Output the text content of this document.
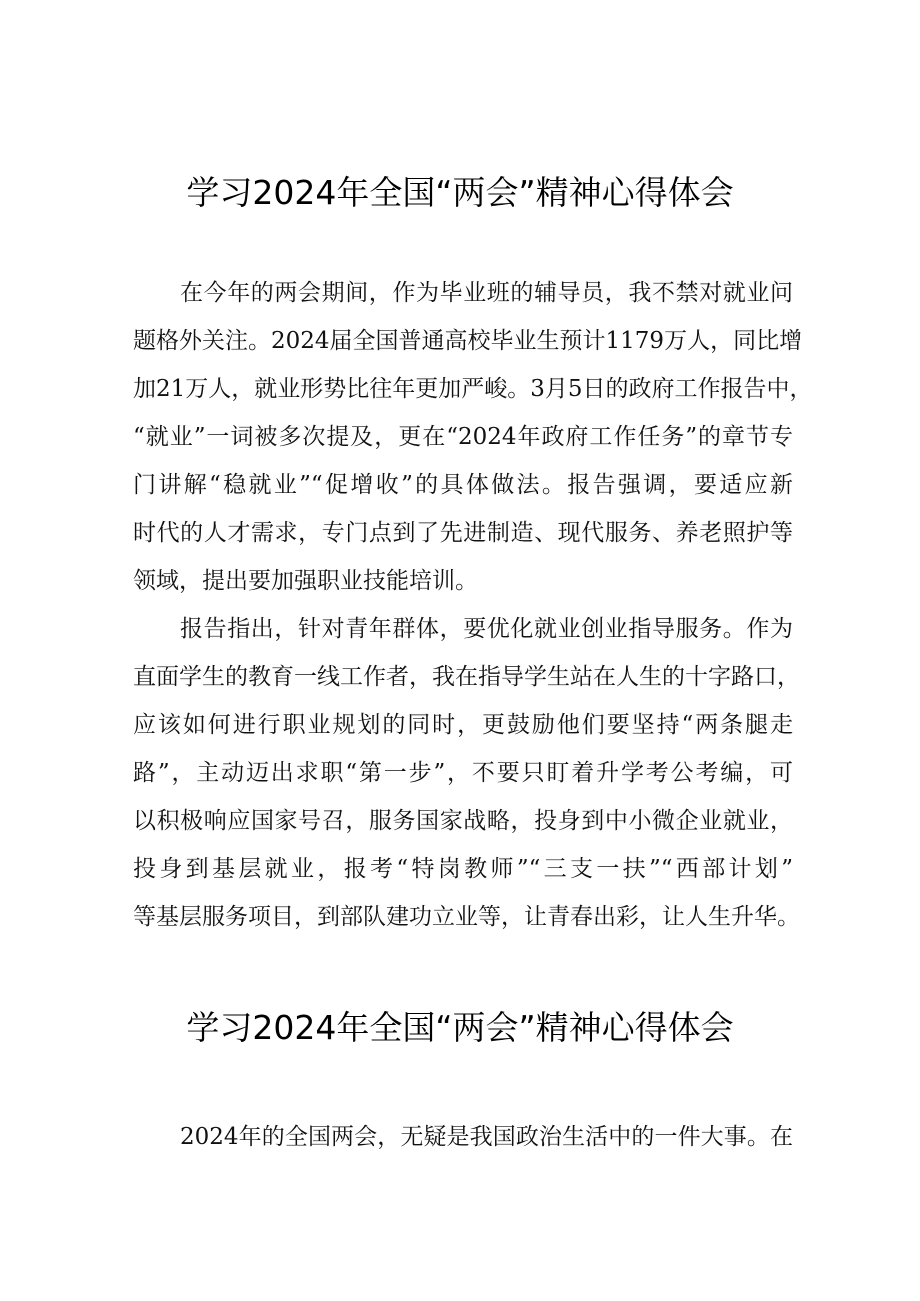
学习2024年全国“两会”精神心得体会
在今年的两会期间，作为毕业班的辅导员，我不禁对就业问
题格外关注。2024届全国普通高校毕业生预计1179万人，同比增
加21万人，就业形势比往年更加严峻。3月5日的政府工作报告中，
“就业”一词被多次提及，更在“2024年政府工作任务”的章节专
门讲解“稳就业”“促增收”的具体做法。报告强调，要适应新
时代的人才需求，专门点到了先进制造、现代服务、养老照护等
领域，提出要加强职业技能培训。
报告指出，针对青年群体，要优化就业创业指导服务。作为
直面学生的教育一线工作者，我在指导学生站在人生的十字路口，
应该如何进行职业规划的同时，更鼓励他们要坚持“两条腿走
路”，主动迈出求职“第一步”，不要只盯着升学考公考编，可
以积极响应国家号召，服务国家战略，投身到中小微企业就业，
投身到基层就业，报考“特岗教师”“三支一扶”“西部计划”
等基层服务项目，到部队建功立业等，让青春出彩，让人生升华。
学习2024年全国“两会”精神心得体会
2024年的全国两会，无疑是我国政治生活中的一件大事。在
